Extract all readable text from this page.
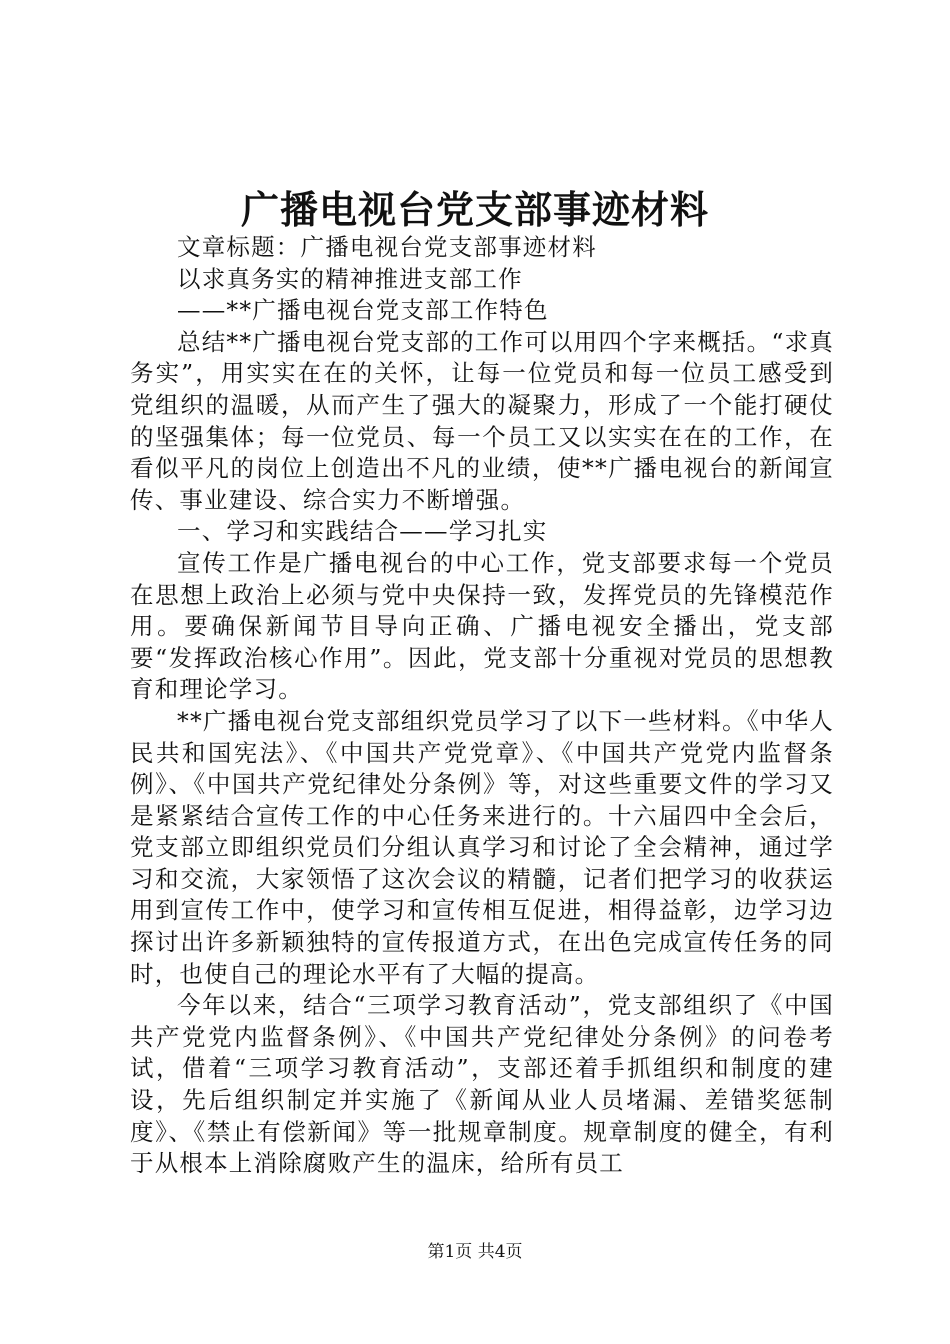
广播电视台党支部事迹材料

文章标题：广播电视台党支部事迹材料

以求真务实的精神推进支部工作

——**广播电视台党支部工作特色

总结**广播电视台党支部的工作可以用四个字来概括。“求真务实”，用实实在在的关怀，让每一位党员和每一位员工感受到党组织的温暖，从而产生了强大的凝聚力，形成了一个能打硬仗的坚强集体；每一位党员、每一个员工又以实实在在的工作，在看似平凡的岗位上创造出不凡的业绩，使**广播电视台的新闻宣传、事业建设、综合实力不断增强。

一、学习和实践结合——学习扎实

宣传工作是广播电视台的中心工作，党支部要求每一个党员在思想上政治上必须与党中央保持一致，发挥党员的先锋模范作用。要确保新闻节目导向正确、广播电视安全播出，党支部要“发挥政治核心作用”。因此，党支部十分重视对党员的思想教育和理论学习。

**广播电视台党支部组织党员学习了以下一些材料。《中华人民共和国宪法》、《中国共产党党章》、《中国共产党党内监督条例》、《中国共产党纪律处分条例》等，对这些重要文件的学习又是紧紧结合宣传工作的中心任务来进行的。十六届四中全会后，党支部立即组织党员们分组认真学习和讨论了全会精神，通过学习和交流，大家领悟了这次会议的精髓，记者们把学习的收获运用到宣传工作中，使学习和宣传相互促进，相得益彰，边学习边探讨出许多新颖独特的宣传报道方式，在出色完成宣传任务的同时，也使自己的理论水平有了大幅的提高。

今年以来，结合“三项学习教育活动”，党支部组织了《中国共产党党内监督条例》、《中国共产党纪律处分条例》的问卷考试，借着“三项学习教育活动”，支部还着手抓组织和制度的建设，先后组织制定并实施了《新闻从业人员堵漏、差错奖惩制度》、《禁止有偿新闻》等一批规章制度。规章制度的健全，有利于从根本上消除腐败产生的温床，给所有员工

第1页 共4页
